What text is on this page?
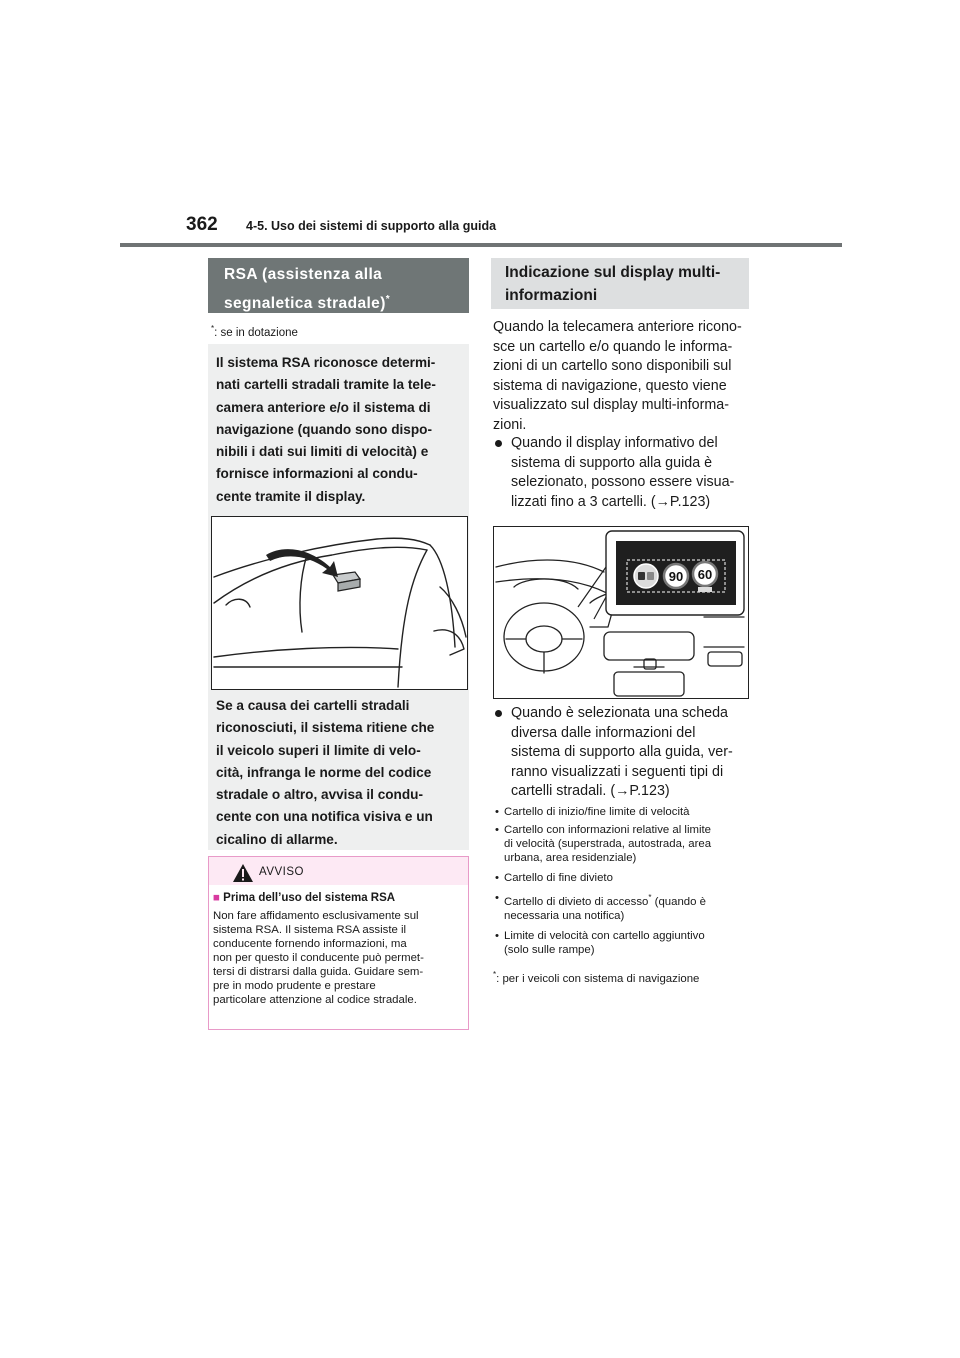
362 4-5. Uso dei sistemi di supporto alla guida
RSA (assistenza alla
segnaletica stradale)*
*: se in dotazione
Il sistema RSA riconosce determi-
nati cartelli stradali tramite la tele-
camera anteriore e/o il sistema di
navigazione (quando sono dispo-
nibili i dati sui limiti di velocità) e
fornisce informazioni al condu-
cente tramite il display.
Se a causa dei cartelli stradali
riconosciuti, il sistema ritiene che
il veicolo superi il limite di velo-
cità, infranga le norme del codice
stradale o altro, avvisa il condu-
cente con una notifica visiva e un
cicalino di allarme.
AVVISO
■ Prima dell’uso del sistema RSA
Non fare affidamento esclusivamente sul
sistema RSA. Il sistema RSA assiste il
conducente fornendo informazioni, ma
non per questo il conducente può permet-
tersi di distrarsi dalla guida. Guidare sem-
pre in modo prudente e prestare
particolare attenzione al codice stradale.
Indicazione sul display multi-
informazioni
Quando la telecamera anteriore ricono-
sce un cartello e/o quando le informa-
zioni di un cartello sono disponibili sul
sistema di navigazione, questo viene
visualizzato sul display multi-informa-
zioni.
Quando il display informativo del
sistema di supporto alla guida è
selezionato, possono essere visua-
lizzati fino a 3 cartelli. (→P.123)
90 60
Quando è selezionata una scheda
diversa dalle informazioni del
sistema di supporto alla guida, ver-
ranno visualizzati i seguenti tipi di
cartelli stradali. (→P.123)
• Cartello di inizio/fine limite di velocità
• Cartello con informazioni relative al limite
di velocità (superstrada, autostrada, area
urbana, area residenziale)
• Cartello di fine divieto
• Cartello di divieto di accesso* (quando è
necessaria una notifica)
• Limite di velocità con cartello aggiuntivo
(solo sulle rampe)
*: per i veicoli con sistema di navigazione
